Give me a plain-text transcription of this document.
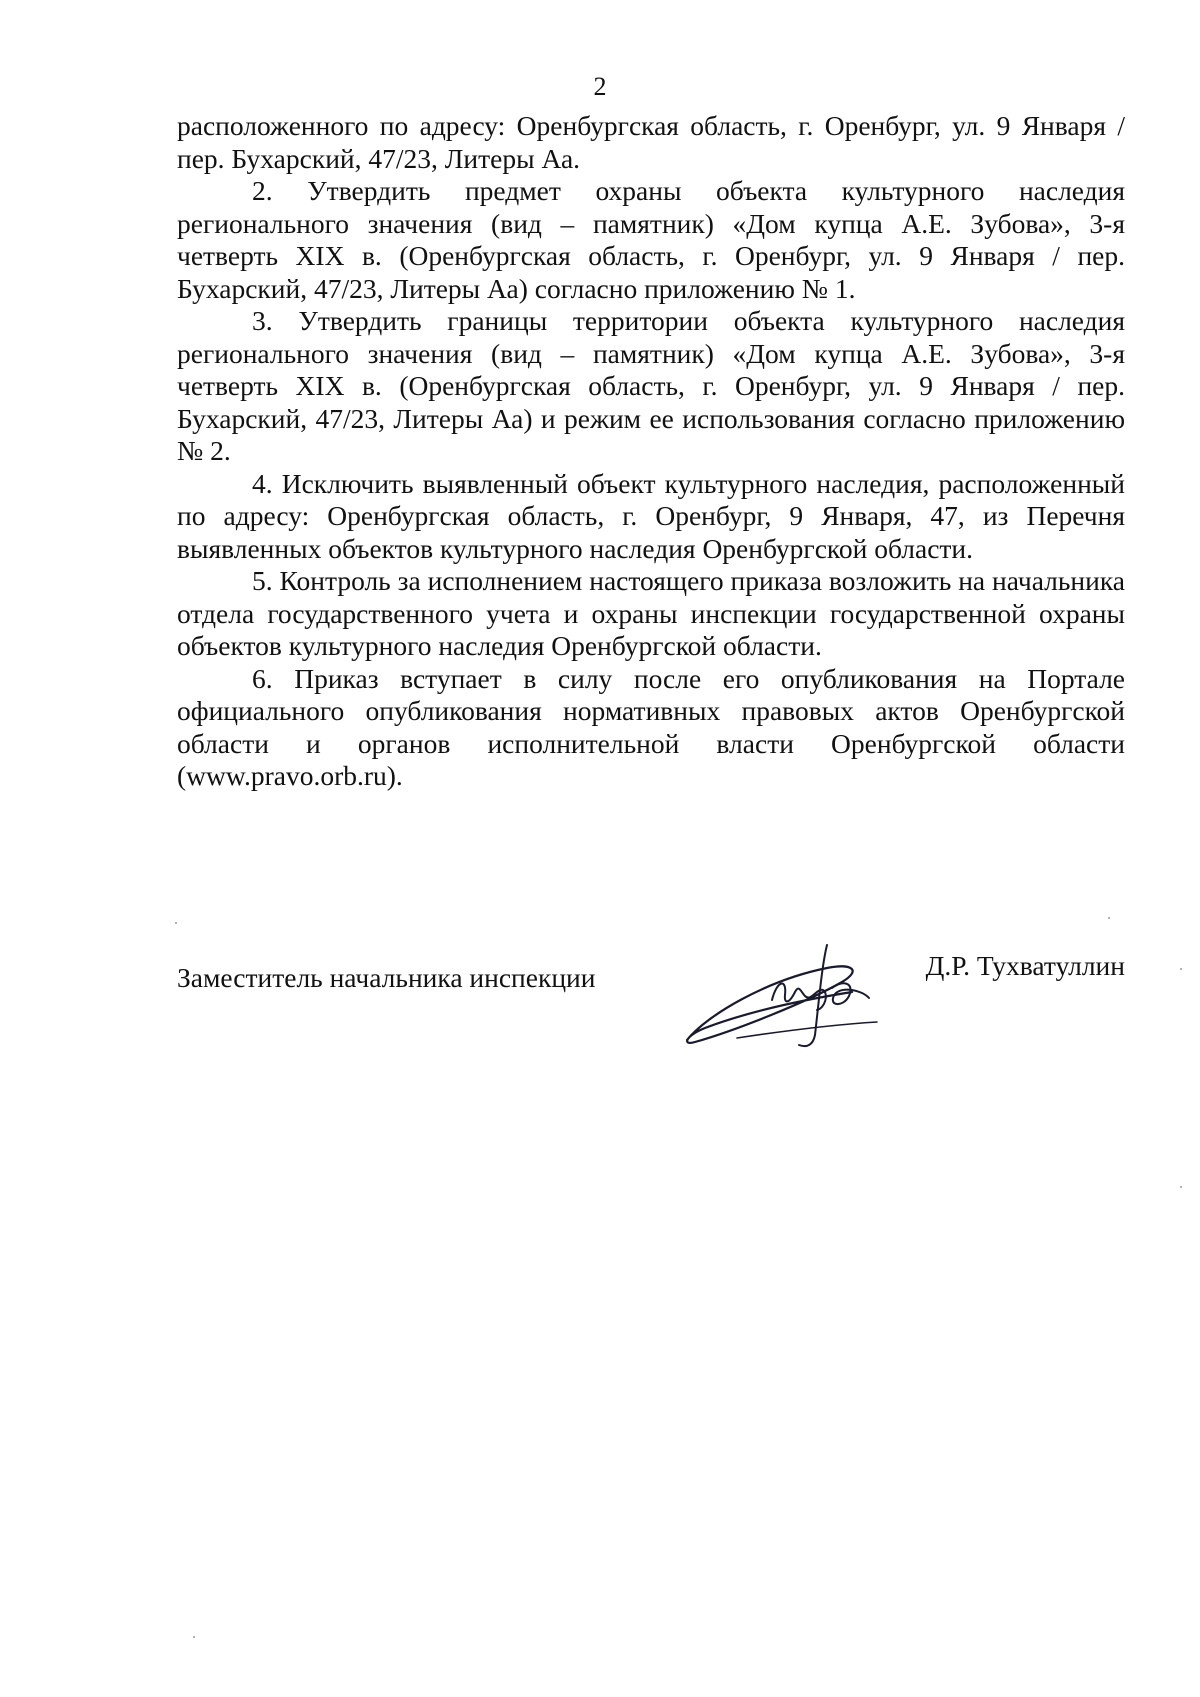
2

расположенного по адресу: Оренбургская область, г. Оренбург, ул. 9 Января / пер. Бухарский, 47/23, Литеры Аа.

2. Утвердить предмет охраны объекта культурного наследия регионального значения (вид – памятник) «Дом купца А.Е. Зубова», 3-я четверть XIX в. (Оренбургская область, г. Оренбург, ул. 9 Января / пер. Бухарский, 47/23, Литеры Аа) согласно приложению № 1.

3. Утвердить границы территории объекта культурного наследия регионального значения (вид – памятник) «Дом купца А.Е. Зубова», 3-я четверть XIX в. (Оренбургская область, г. Оренбург, ул. 9 Января / пер. Бухарский, 47/23, Литеры Аа) и режим ее использования согласно приложению № 2.

4. Исключить выявленный объект культурного наследия, расположенный по адресу: Оренбургская область, г. Оренбург, 9 Января, 47, из Перечня выявленных объектов культурного наследия Оренбургской области.

5. Контроль за исполнением настоящего приказа возложить на начальника отдела государственного учета и охраны инспекции государственной охраны объектов культурного наследия Оренбургской области.

6. Приказ вступает в силу после его опубликования на Портале официального опубликования нормативных правовых актов Оренбургской области и органов исполнительной власти Оренбургской области (www.pravo.orb.ru).

Заместитель начальника инспекции	Д.Р. Тухватуллин
